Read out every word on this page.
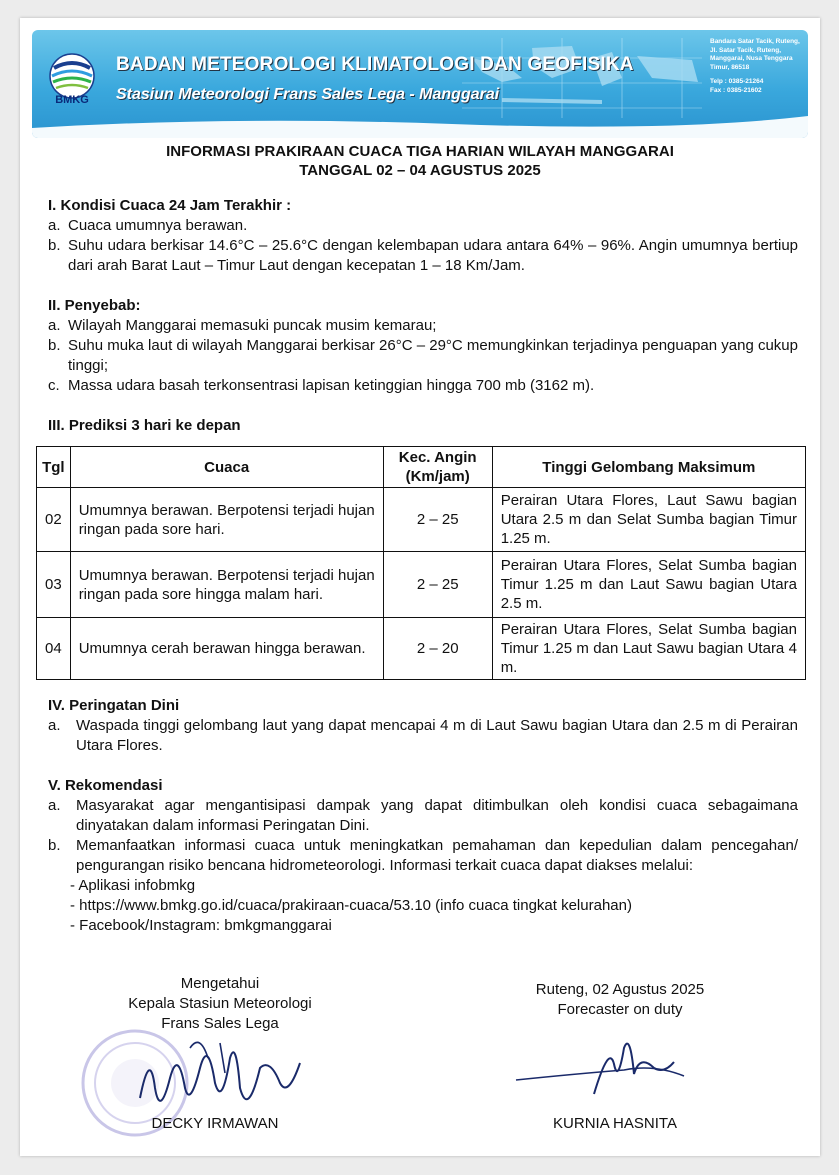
BMKG
BADAN METEOROLOGI KLIMATOLOGI DAN GEOFISIKA
Stasiun Meteorologi Frans Sales Lega - Manggarai
Bandara Satar Tacik, Ruteng, Jl. Satar Tacik, Ruteng, Manggarai, Nusa Tenggara Timur, 86518
Telp : 0385-21264
Fax : 0385-21602
INFORMASI PRAKIRAAN CUACA TIGA HARIAN WILAYAH MANGGARAI
TANGGAL 02 – 04 AGUSTUS 2025
I. Kondisi Cuaca 24 Jam Terakhir :
a. Cuaca umumnya berawan.
b. Suhu udara berkisar 14.6°C – 25.6°C dengan kelembapan udara antara 64% – 96%. Angin umumnya bertiup dari arah Barat Laut – Timur Laut dengan kecepatan 1 – 18 Km/Jam.
II. Penyebab:
a. Wilayah Manggarai memasuki puncak musim kemarau;
b. Suhu muka laut di wilayah Manggarai berkisar 26°C – 29°C memungkinkan terjadinya penguapan yang cukup tinggi;
c. Massa udara basah terkonsentrasi lapisan ketinggian hingga 700 mb (3162 m).
III. Prediksi 3 hari ke depan
Tgl	Cuaca	Kec. Angin (Km/jam)	Tinggi Gelombang Maksimum
02	Umumnya berawan. Berpotensi terjadi hujan ringan pada sore hari.	2 – 25	Perairan Utara Flores, Laut Sawu bagian Utara 2.5 m dan Selat Sumba bagian Timur 1.25 m.
03	Umumnya berawan. Berpotensi terjadi hujan ringan pada sore hingga malam hari.	2 – 25	Perairan Utara Flores, Selat Sumba bagian Timur 1.25 m dan Laut Sawu bagian Utara 2.5 m.
04	Umumnya cerah berawan hingga berawan.	2 – 20	Perairan Utara Flores, Selat Sumba bagian Timur 1.25 m dan Laut Sawu bagian Utara 4 m.
IV. Peringatan Dini
a.	Waspada tinggi gelombang laut yang dapat mencapai 4 m di Laut Sawu bagian Utara dan 2.5 m di Perairan Utara Flores.
V. Rekomendasi
a.	Masyarakat agar mengantisipasi dampak yang dapat ditimbulkan oleh kondisi cuaca sebagaimana dinyatakan dalam informasi Peringatan Dini.
b.	Memanfaatkan informasi cuaca untuk meningkatkan pemahaman dan kepedulian dalam pencegahan/ pengurangan risiko bencana hidrometeorologi. Informasi terkait cuaca dapat diakses melalui:
- Aplikasi infobmkg
- https://www.bmkg.go.id/cuaca/prakiraan-cuaca/53.10 (info cuaca tingkat kelurahan)
- Facebook/Instagram: bmkgmanggarai
Mengetahui
Kepala Stasiun Meteorologi
Frans Sales Lega
DECKY IRMAWAN
Ruteng, 02 Agustus 2025
Forecaster on duty
KURNIA HASNITA
